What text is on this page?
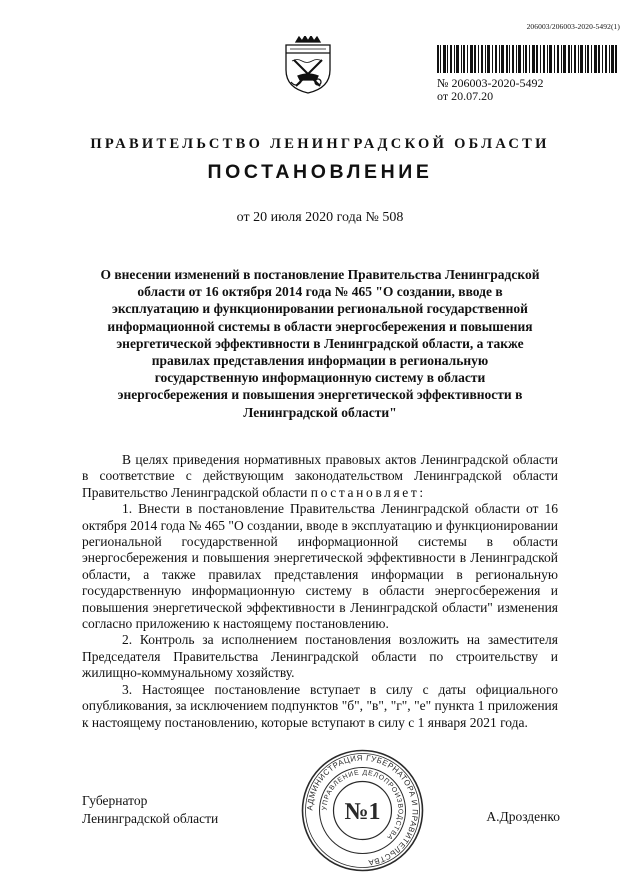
206003/206003-2020-5492(1)
№ 206003-2020-5492
от 20.07.20
ПРАВИТЕЛЬСТВО ЛЕНИНГРАДСКОЙ ОБЛАСТИ
ПОСТАНОВЛЕНИЕ
от 20 июля 2020 года № 508
О внесении изменений в постановление Правительства Ленинградской области от 16 октября 2014 года № 465 "О создании, вводе в эксплуатацию и функционировании региональной государственной информационной системы в области энергосбережения и повышения энергетической эффективности в Ленинградской области, а также правилах представления информации в региональную государственную информационную систему в области энергосбережения и повышения энергетической эффективности в Ленинградской области"

В целях приведения нормативных правовых актов Ленинградской области в соответствие с действующим законодательством Ленинградской области Правительство Ленинградской области постановляет:

1. Внести в постановление Правительства Ленинградской области от 16 октября 2014 года № 465 "О создании, вводе в эксплуатацию и функционировании региональной государственной информационной системы в области энергосбережения и повышения энергетической эффективности в Ленинградской области, а также правилах представления информации в региональную государственную информационную систему в области энергосбережения и повышения энергетической эффективности в Ленинградской области" изменения согласно приложению к настоящему постановлению.

2. Контроль за исполнением постановления возложить на заместителя Председателя Правительства Ленинградской области по строительству и жилищно-коммунальному хозяйству.

3. Настоящее постановление вступает в силу с даты официального опубликования, за исключением подпунктов "б", "в", "г", "е" пункта 1 приложения к настоящему постановлению, которые вступают в силу с 1 января 2021 года.

Губернатор
Ленинградской области
АДМИНИСТРАЦИЯ ГУБЕРНАТОРА И ПРАВИТЕЛЬСТВА
УПРАВЛЕНИЕ ДЕЛОПРОИЗВОДСТВА
№1	А.Дрозденко
